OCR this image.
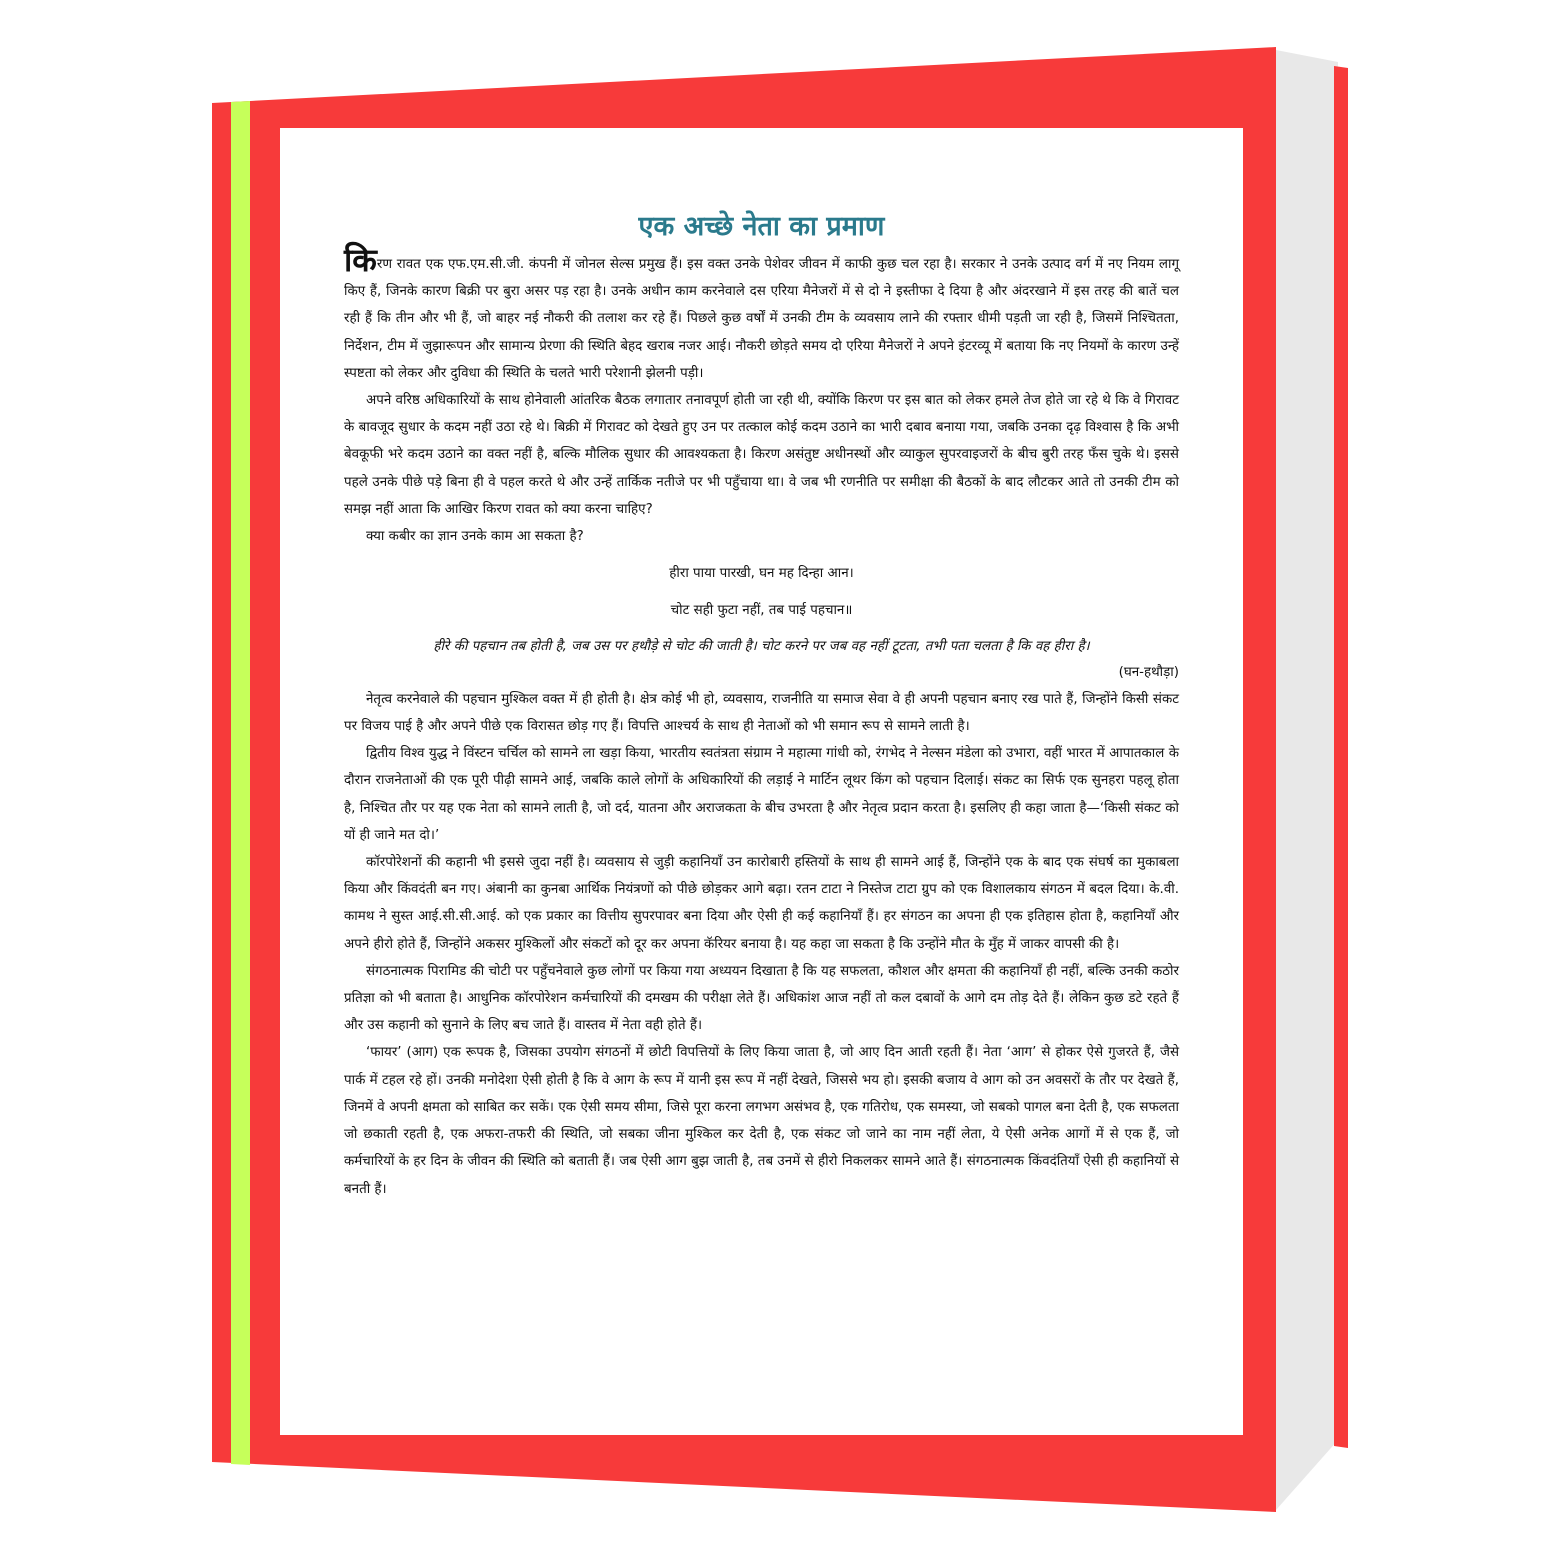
एक अच्छे नेता का प्रमाण

किरण रावत एक एफ.एम.सी.जी. कंपनी में जोनल सेल्स प्रमुख हैं। इस वक्त उनके पेशेवर जीवन में काफी कुछ चल रहा है। सरकार ने उनके उत्पाद वर्ग में नए नियम लागू किए हैं, जिनके कारण बिक्री पर बुरा असर पड़ रहा है। उनके अधीन काम करनेवाले दस एरिया मैनेजरों में से दो ने इस्तीफा दे दिया है और अंदरखाने में इस तरह की बातें चल रही हैं कि तीन और भी हैं, जो बाहर नई नौकरी की तलाश कर रहे हैं। पिछले कुछ वर्षों में उनकी टीम के व्यवसाय लाने की रफ्तार धीमी पड़ती जा रही है, जिसमें निश्चितता, निर्देशन, टीम में जुझारूपन और सामान्य प्रेरणा की स्थिति बेहद खराब नजर आई। नौकरी छोड़ते समय दो एरिया मैनेजरों ने अपने इंटरव्यू में बताया कि नए नियमों के कारण उन्हें स्पष्टता को लेकर और दुविधा की स्थिति के चलते भारी परेशानी झेलनी पड़ी।

अपने वरिष्ठ अधिकारियों के साथ होनेवाली आंतरिक बैठक लगातार तनावपूर्ण होती जा रही थी, क्योंकि किरण पर इस बात को लेकर हमले तेज होते जा रहे थे कि वे गिरावट के बावजूद सुधार के कदम नहीं उठा रहे थे। बिक्री में गिरावट को देखते हुए उन पर तत्काल कोई कदम उठाने का भारी दबाव बनाया गया, जबकि उनका दृढ़ विश्वास है कि अभी बेवकूफी भरे कदम उठाने का वक्त नहीं है, बल्कि मौलिक सुधार की आवश्यकता है। किरण असंतुष्ट अधीनस्थों और व्याकुल सुपरवाइजरों के बीच बुरी तरह फँस चुके थे। इससे पहले उनके पीछे पड़े बिना ही वे पहल करते थे और उन्हें तार्किक नतीजे पर भी पहुँचाया था। वे जब भी रणनीति पर समीक्षा की बैठकों के बाद लौटकर आते तो उनकी टीम को समझ नहीं आता कि आखिर किरण रावत को क्या करना चाहिए?

क्या कबीर का ज्ञान उनके काम आ सकता है?

हीरा पाया पारखी, घन मह दिन्हा आन।

चोट सही फुटा नहीं, तब पाई पहचान॥

हीरे की पहचान तब होती है, जब उस पर हथौड़े से चोट की जाती है। चोट करने पर जब वह नहीं टूटता, तभी पता चलता है कि वह हीरा है।

(घन-हथौड़ा)

नेतृत्व करनेवाले की पहचान मुश्किल वक्त में ही होती है। क्षेत्र कोई भी हो, व्यवसाय, राजनीति या समाज सेवा वे ही अपनी पहचान बनाए रख पाते हैं, जिन्होंने किसी संकट पर विजय पाई है और अपने पीछे एक विरासत छोड़ गए हैं। विपत्ति आश्चर्य के साथ ही नेताओं को भी समान रूप से सामने लाती है।

द्वितीय विश्व युद्ध ने विंस्टन चर्चिल को सामने ला खड़ा किया, भारतीय स्वतंत्रता संग्राम ने महात्मा गांधी को, रंगभेद ने नेल्सन मंडेला को उभारा, वहीं भारत में आपातकाल के दौरान राजनेताओं की एक पूरी पीढ़ी सामने आई, जबकि काले लोगों के अधिकारियों की लड़ाई ने मार्टिन लूथर किंग को पहचान दिलाई। संकट का सिर्फ एक सुनहरा पहलू होता है, निश्चित तौर पर यह एक नेता को सामने लाती है, जो दर्द, यातना और अराजकता के बीच उभरता है और नेतृत्व प्रदान करता है। इसलिए ही कहा जाता है—‘किसी संकट को यों ही जाने मत दो।’

कॉरपोरेशनों की कहानी भी इससे जुदा नहीं है। व्यवसाय से जुड़ी कहानियाँ उन कारोबारी हस्तियों के साथ ही सामने आई हैं, जिन्होंने एक के बाद एक संघर्ष का मुकाबला किया और किंवदंती बन गए। अंबानी का कुनबा आर्थिक नियंत्रणों को पीछे छोड़कर आगे बढ़ा। रतन टाटा ने निस्तेज टाटा ग्रुप को एक विशालकाय संगठन में बदल दिया। के.वी. कामथ ने सुस्त आई.सी.सी.आई. को एक प्रकार का वित्तीय सुपरपावर बना दिया और ऐसी ही कई कहानियाँ हैं। हर संगठन का अपना ही एक इतिहास होता है, कहानियाँ और अपने हीरो होते हैं, जिन्होंने अकसर मुश्किलों और संकटों को दूर कर अपना कॅरियर बनाया है। यह कहा जा सकता है कि उन्होंने मौत के मुँह में जाकर वापसी की है।

संगठनात्मक पिरामिड की चोटी पर पहुँचनेवाले कुछ लोगों पर किया गया अध्ययन दिखाता है कि यह सफलता, कौशल और क्षमता की कहानियाँ ही नहीं, बल्कि उनकी कठोर प्रतिज्ञा को भी बताता है। आधुनिक कॉरपोरेशन कर्मचारियों की दमखम की परीक्षा लेते हैं। अधिकांश आज नहीं तो कल दबावों के आगे दम तोड़ देते हैं। लेकिन कुछ डटे रहते हैं और उस कहानी को सुनाने के लिए बच जाते हैं। वास्तव में नेता वही होते हैं।

‘फायर’ (आग) एक रूपक है, जिसका उपयोग संगठनों में छोटी विपत्तियों के लिए किया जाता है, जो आए दिन आती रहती हैं। नेता ‘आग’ से होकर ऐसे गुजरते हैं, जैसे पार्क में टहल रहे हों। उनकी मनोदेशा ऐसी होती है कि वे आग के रूप में यानी इस रूप में नहीं देखते, जिससे भय हो। इसकी बजाय वे आग को उन अवसरों के तौर पर देखते हैं, जिनमें वे अपनी क्षमता को साबित कर सकें। एक ऐसी समय सीमा, जिसे पूरा करना लगभग असंभव है, एक गतिरोध, एक समस्या, जो सबको पागल बना देती है, एक सफलता जो छकाती रहती है, एक अफरा-तफरी की स्थिति, जो सबका जीना मुश्किल कर देती है, एक संकट जो जाने का नाम नहीं लेता, ये ऐसी अनेक आगों में से एक हैं, जो कर्मचारियों के हर दिन के जीवन की स्थिति को बताती हैं। जब ऐसी आग बुझ जाती है, तब उनमें से हीरो निकलकर सामने आते हैं। संगठनात्मक किंवदंतियाँ ऐसी ही कहानियों से बनती हैं।
